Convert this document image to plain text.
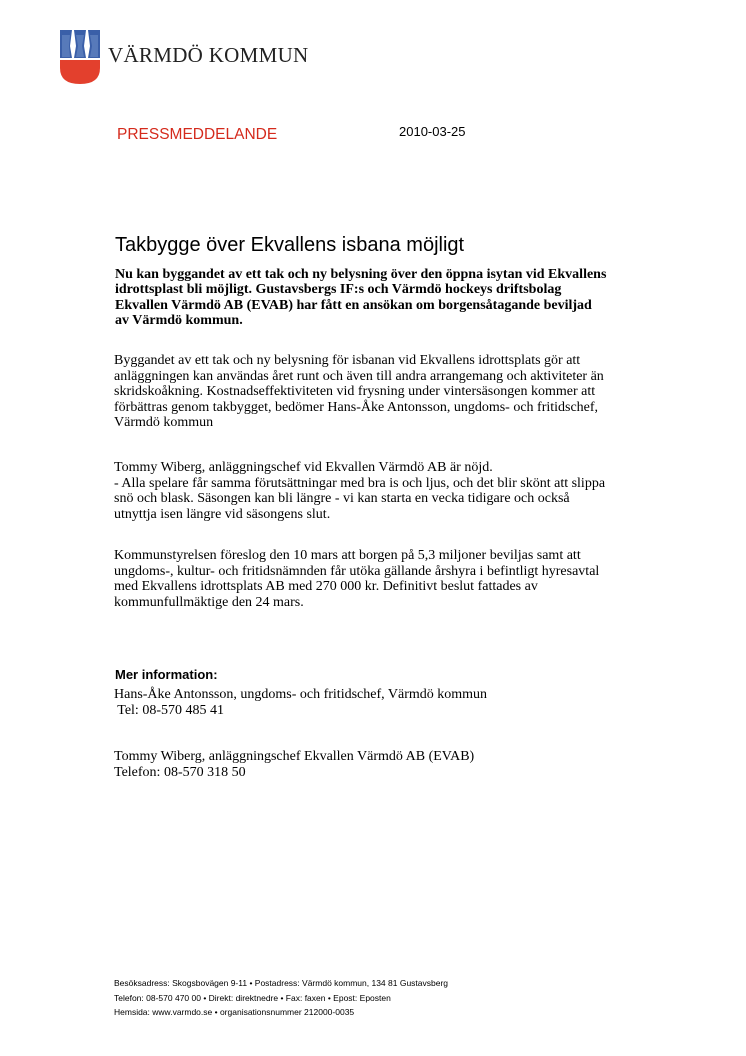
VÄRMDÖ KOMMUN
PRESSMEDDELANDE	2010-03-25
Takbygge över Ekvallens isbana möjligt
Nu kan byggandet av ett tak och ny belysning över den öppna isytan vid Ekvallens
idrottsplast bli möjligt. Gustavsbergs IF:s och Värmdö hockeys driftsbolag
Ekvallen Värmdö AB (EVAB) har fått en ansökan om borgensåtagande beviljad
av Värmdö kommun.
Byggandet av ett tak och ny belysning för isbanan vid Ekvallens idrottsplats gör att
anläggningen kan användas året runt och även till andra arrangemang och aktiviteter än
skridskoåkning. Kostnadseffektiviteten vid frysning under vintersäsongen kommer att
förbättras genom takbygget, bedömer Hans-Åke Antonsson, ungdoms- och fritidschef,
Värmdö kommun
Tommy Wiberg, anläggningschef vid Ekvallen Värmdö AB är nöjd.
- Alla spelare får samma förutsättningar med bra is och ljus, och det blir skönt att slippa
snö och blask. Säsongen kan bli längre - vi kan starta en vecka tidigare och också
utnyttja isen längre vid säsongens slut.
Kommunstyrelsen föreslog den 10 mars att borgen på 5,3 miljoner beviljas samt att
ungdoms-, kultur- och fritidsnämnden får utöka gällande årshyra i befintligt hyresavtal
med Ekvallens idrottsplats AB med 270 000 kr. Definitivt beslut fattades av
kommunfullmäktige den 24 mars.
Mer information:
Hans-Åke Antonsson, ungdoms- och fritidschef, Värmdö kommun
Tel: 08-570 485 41
Tommy Wiberg, anläggningschef Ekvallen Värmdö AB (EVAB)
Telefon: 08-570 318 50
Besöksadress: Skogsbovägen 9-11 • Postadress: Värmdö kommun, 134 81 Gustavsberg
Telefon: 08-570 470 00 • Direkt: direktnedre • Fax: faxen • Epost: Eposten
Hemsida: www.varmdo.se • organisationsnummer 212000-0035
